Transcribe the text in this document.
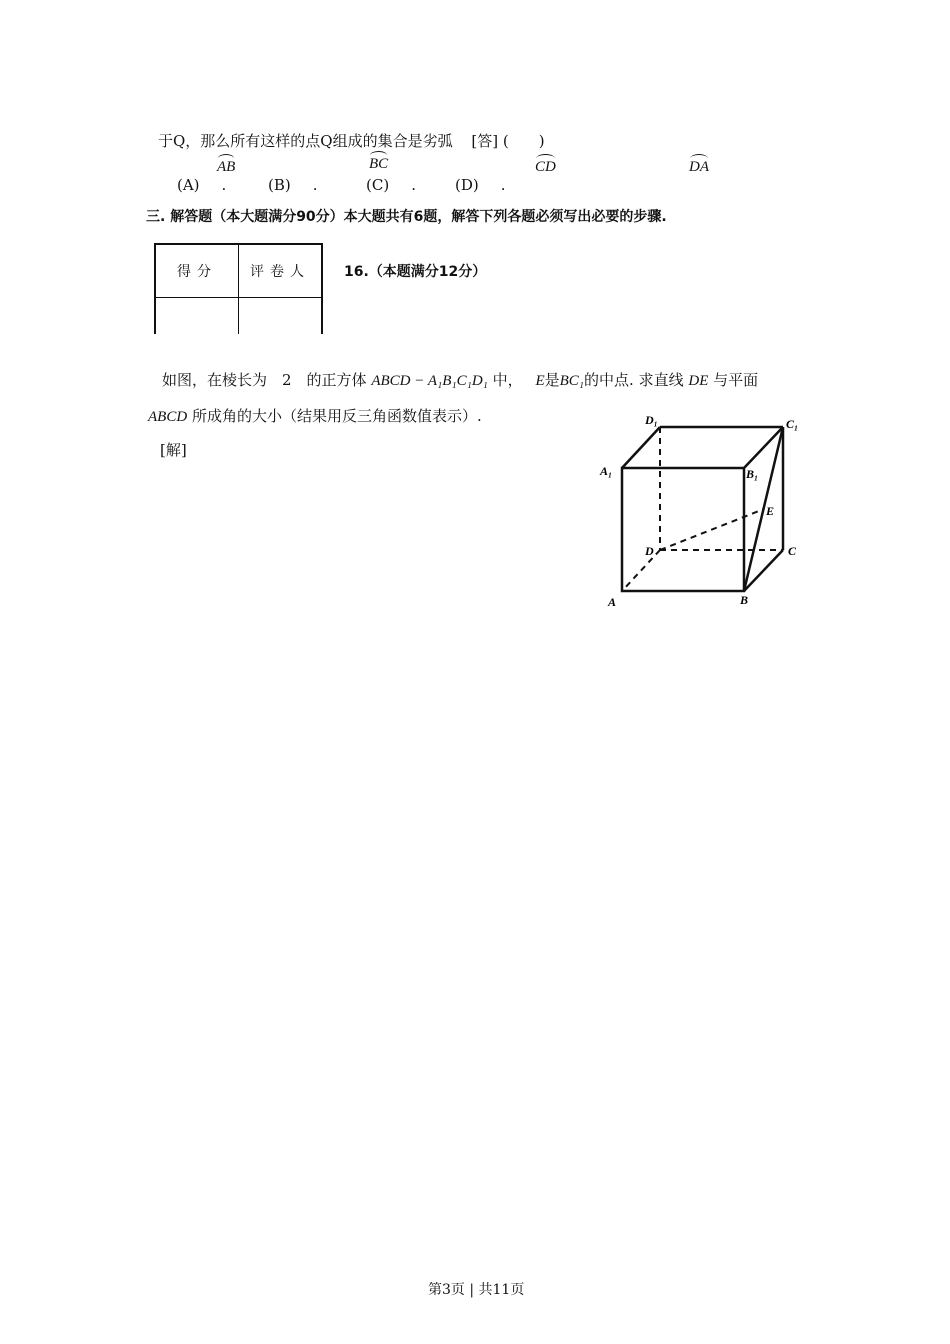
于Q，那么所有这样的点Q组成的集合是劣弧 [答] (　　)
AB	BC	CD	DA
(A) .	(B) .	(C) .	(D) .
三. 解答题（本大题满分90分）本大题共有6题，解答下列各题必须写出必要的步骤.
得分	评卷人
	16.（本题满分12分）
如图，在棱长为　2　的正方体 ABCD − A₁B₁C₁D₁ 中， E是BC₁的中点. 求直线 DE 与平面
ABCD 所成角的大小（结果用反三角函数值表示）.
[解]
D₁	C₁
A₁	B₁
E
D	C
A	B
第3页 | 共11页
